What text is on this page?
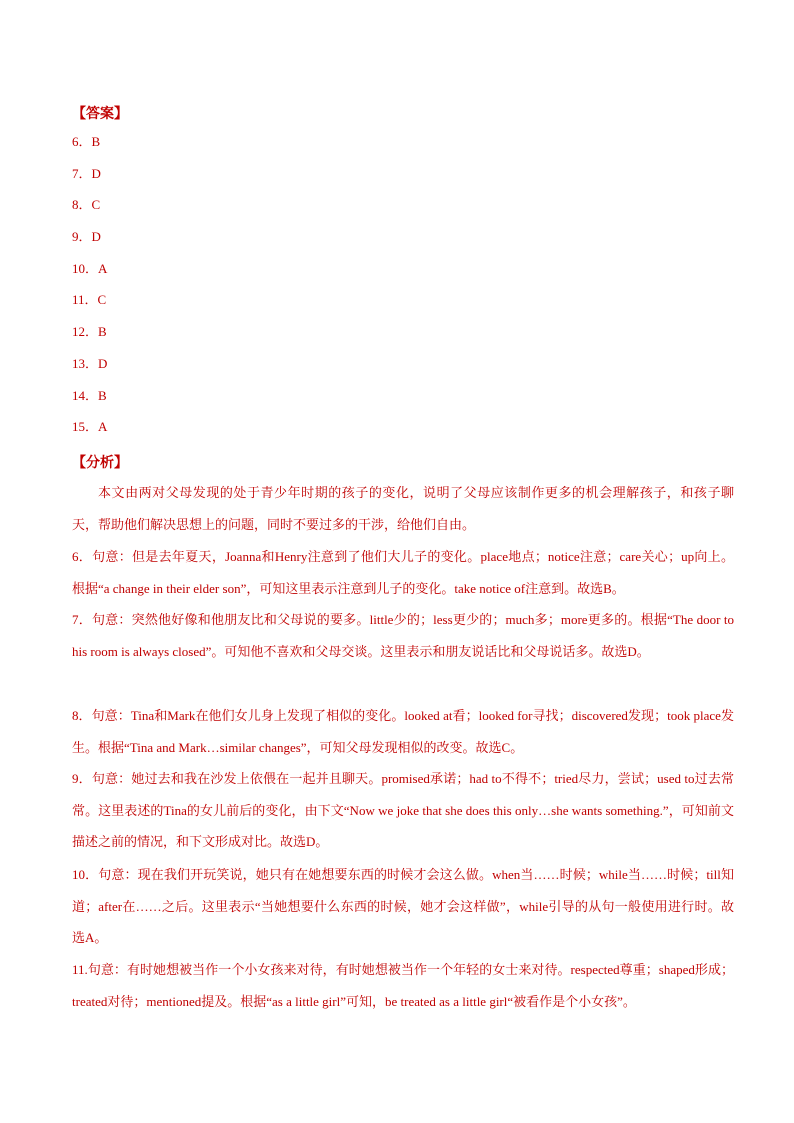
【答案】
6．B
7．D
8．C
9．D
10．A
11．C
12．B
13．D
14．B
15．A
【分析】

本文由两对父母发现的处于青少年时期的孩子的变化，说明了父母应该制作更多的机会理解孩子，和孩子聊天，帮助他们解决思想上的问题，同时不要过多的干涉，给他们自由。

6．句意：但是去年夏天，Joanna和Henry注意到了他们大儿子的变化。place地点；notice注意；care关心；up向上。根据“a change in their elder son”，可知这里表示注意到儿子的变化。take notice of注意到。故选B。

7．句意：突然他好像和他朋友比和父母说的要多。little少的；less更少的；much多；more更多的。根据“The door to his room is always closed”。可知他不喜欢和父母交谈。这里表示和朋友说话比和父母说话多。故选D。

8．句意：Tina和Mark在他们女儿身上发现了相似的变化。looked at看；looked for寻找；discovered发现；took place发生。根据“Tina and Mark…similar changes”，可知父母发现相似的改变。故选C。

9．句意：她过去和我在沙发上依偎在一起并且聊天。promised承诺；had to不得不；tried尽力，尝试；used to过去常常。这里表述的Tina的女儿前后的变化，由下文“Now we joke that she does this only…she wants something.”，可知前文描述之前的情况，和下文形成对比。故选D。

10．句意：现在我们开玩笑说，她只有在她想要东西的时候才会这么做。when当……时候；while当……时候；till知道；after在……之后。这里表示“当她想要什么东西的时候，她才会这样做”，while引导的从句一般使用进行时。故选A。

11.句意：有时她想被当作一个小女孩来对待，有时她想被当作一个年轻的女士来对待。respected尊重；shaped形成；treated对待；mentioned提及。根据“as a little girl”可知，be treated as a little girl“被看作是个小女孩”。
